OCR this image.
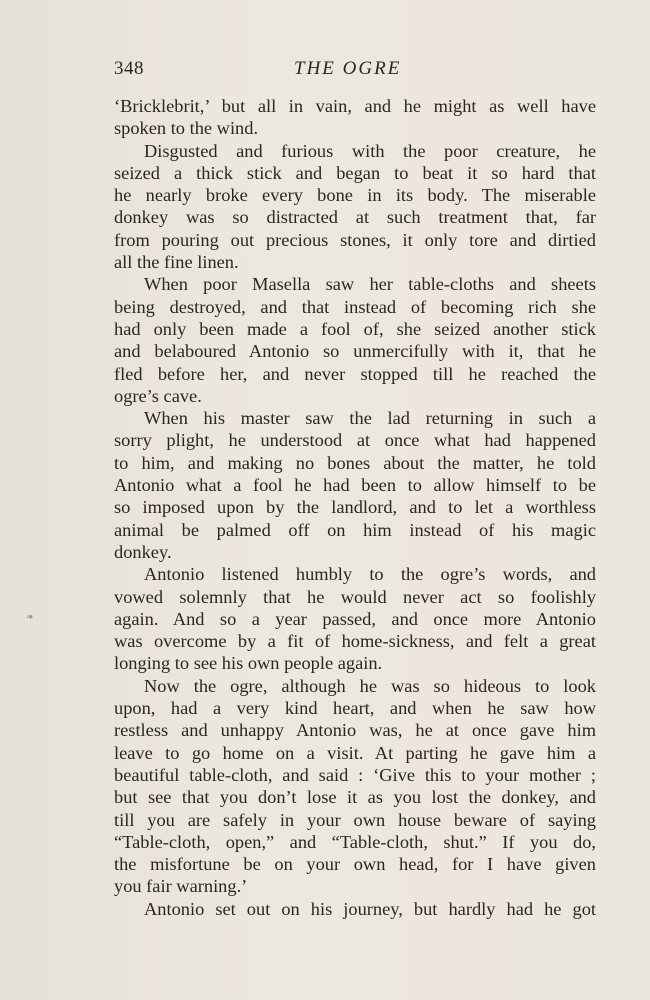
348	THE OGRE
❧
‘Bricklebrit,’ but all in vain, and he might as well have
spoken to the wind.
Disgusted and furious with the poor creature, he
seized a thick stick and began to beat it so hard that
he nearly broke every bone in its body. The miserable
donkey was so distracted at such treatment that, far
from pouring out precious stones, it only tore and dirtied
all the fine linen.
When poor Masella saw her table-cloths and sheets
being destroyed, and that instead of becoming rich she
had only been made a fool of, she seized another stick
and belaboured Antonio so unmercifully with it, that he
fled before her, and never stopped till he reached the
ogre’s cave.
When his master saw the lad returning in such a
sorry plight, he understood at once what had happened
to him, and making no bones about the matter, he told
Antonio what a fool he had been to allow himself to be
so imposed upon by the landlord, and to let a worthless
animal be palmed off on him instead of his magic
donkey.
Antonio listened humbly to the ogre’s words, and
vowed solemnly that he would never act so foolishly
again. And so a year passed, and once more Antonio
was overcome by a fit of home-sickness, and felt a great
longing to see his own people again.
Now the ogre, although he was so hideous to look
upon, had a very kind heart, and when he saw how
restless and unhappy Antonio was, he at once gave him
leave to go home on a visit. At parting he gave him a
beautiful table-cloth, and said : ‘Give this to your mother ;
but see that you don’t lose it as you lost the donkey, and
till you are safely in your own house beware of saying
“Table-cloth, open,” and “Table-cloth, shut.” If you do,
the misfortune be on your own head, for I have given
you fair warning.’
Antonio set out on his journey, but hardly had he got
